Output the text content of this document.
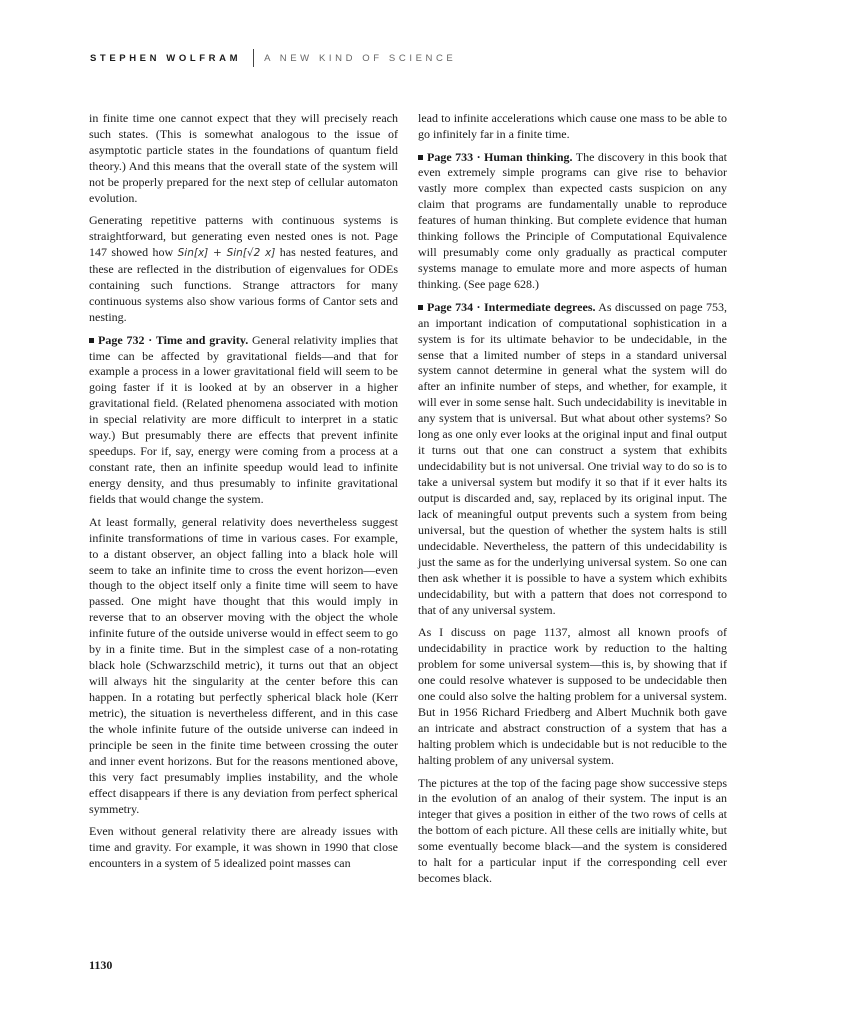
STEPHEN WOLFRAM A NEW KIND OF SCIENCE

in finite time one cannot expect that they will precisely reach such states. (This is somewhat analogous to the issue of asymptotic particle states in the foundations of quantum field theory.) And this means that the overall state of the system will not be properly prepared for the next step of cellular automaton evolution.

Generating repetitive patterns with continuous systems is straightforward, but generating even nested ones is not. Page 147 showed how Sin[x] + Sin[√2 x] has nested features, and these are reflected in the distribution of eigenvalues for ODEs containing such functions. Strange attractors for many continuous systems also show various forms of Cantor sets and nesting.

Page 732 · Time and gravity. General relativity implies that time can be affected by gravitational fields—and that for example a process in a lower gravitational field will seem to be going faster if it is looked at by an observer in a higher gravitational field. (Related phenomena associated with motion in special relativity are more difficult to interpret in a static way.) But presumably there are effects that prevent infinite speedups. For if, say, energy were coming from a process at a constant rate, then an infinite speedup would lead to infinite energy density, and thus presumably to infinite gravitational fields that would change the system.

At least formally, general relativity does nevertheless suggest infinite transformations of time in various cases. For example, to a distant observer, an object falling into a black hole will seem to take an infinite time to cross the event horizon—even though to the object itself only a finite time will seem to have passed. One might have thought that this would imply in reverse that to an observer moving with the object the whole infinite future of the outside universe would in effect seem to go by in a finite time. But in the simplest case of a non-rotating black hole (Schwarzschild metric), it turns out that an object will always hit the singularity at the center before this can happen. In a rotating but perfectly spherical black hole (Kerr metric), the situation is nevertheless different, and in this case the whole infinite future of the outside universe can indeed in principle be seen in the finite time between crossing the outer and inner event horizons. But for the reasons mentioned above, this very fact presumably implies instability, and the whole effect disappears if there is any deviation from perfect spherical symmetry.

Even without general relativity there are already issues with time and gravity. For example, it was shown in 1990 that close encounters in a system of 5 idealized point masses can

lead to infinite accelerations which cause one mass to be able to go infinitely far in a finite time.

Page 733 · Human thinking. The discovery in this book that even extremely simple programs can give rise to behavior vastly more complex than expected casts suspicion on any claim that programs are fundamentally unable to reproduce features of human thinking. But complete evidence that human thinking follows the Principle of Computational Equivalence will presumably come only gradually as practical computer systems manage to emulate more and more aspects of human thinking. (See page 628.)

Page 734 · Intermediate degrees. As discussed on page 753, an important indication of computational sophistication in a system is for its ultimate behavior to be undecidable, in the sense that a limited number of steps in a standard universal system cannot determine in general what the system will do after an infinite number of steps, and whether, for example, it will ever in some sense halt. Such undecidability is inevitable in any system that is universal. But what about other systems? So long as one only ever looks at the original input and final output it turns out that one can construct a system that exhibits undecidability but is not universal. One trivial way to do so is to take a universal system but modify it so that if it ever halts its output is discarded and, say, replaced by its original input. The lack of meaningful output prevents such a system from being universal, but the question of whether the system halts is still undecidable. Nevertheless, the pattern of this undecidability is just the same as for the underlying universal system. So one can then ask whether it is possible to have a system which exhibits undecidability, but with a pattern that does not correspond to that of any universal system.

As I discuss on page 1137, almost all known proofs of undecidability in practice work by reduction to the halting problem for some universal system—this is, by showing that if one could resolve whatever is supposed to be undecidable then one could also solve the halting problem for a universal system. But in 1956 Richard Friedberg and Albert Muchnik both gave an intricate and abstract construction of a system that has a halting problem which is undecidable but is not reducible to the halting problem of any universal system.

The pictures at the top of the facing page show successive steps in the evolution of an analog of their system. The input is an integer that gives a position in either of the two rows of cells at the bottom of each picture. All these cells are initially white, but some eventually become black—and the system is considered to halt for a particular input if the corresponding cell ever becomes black.

1130
